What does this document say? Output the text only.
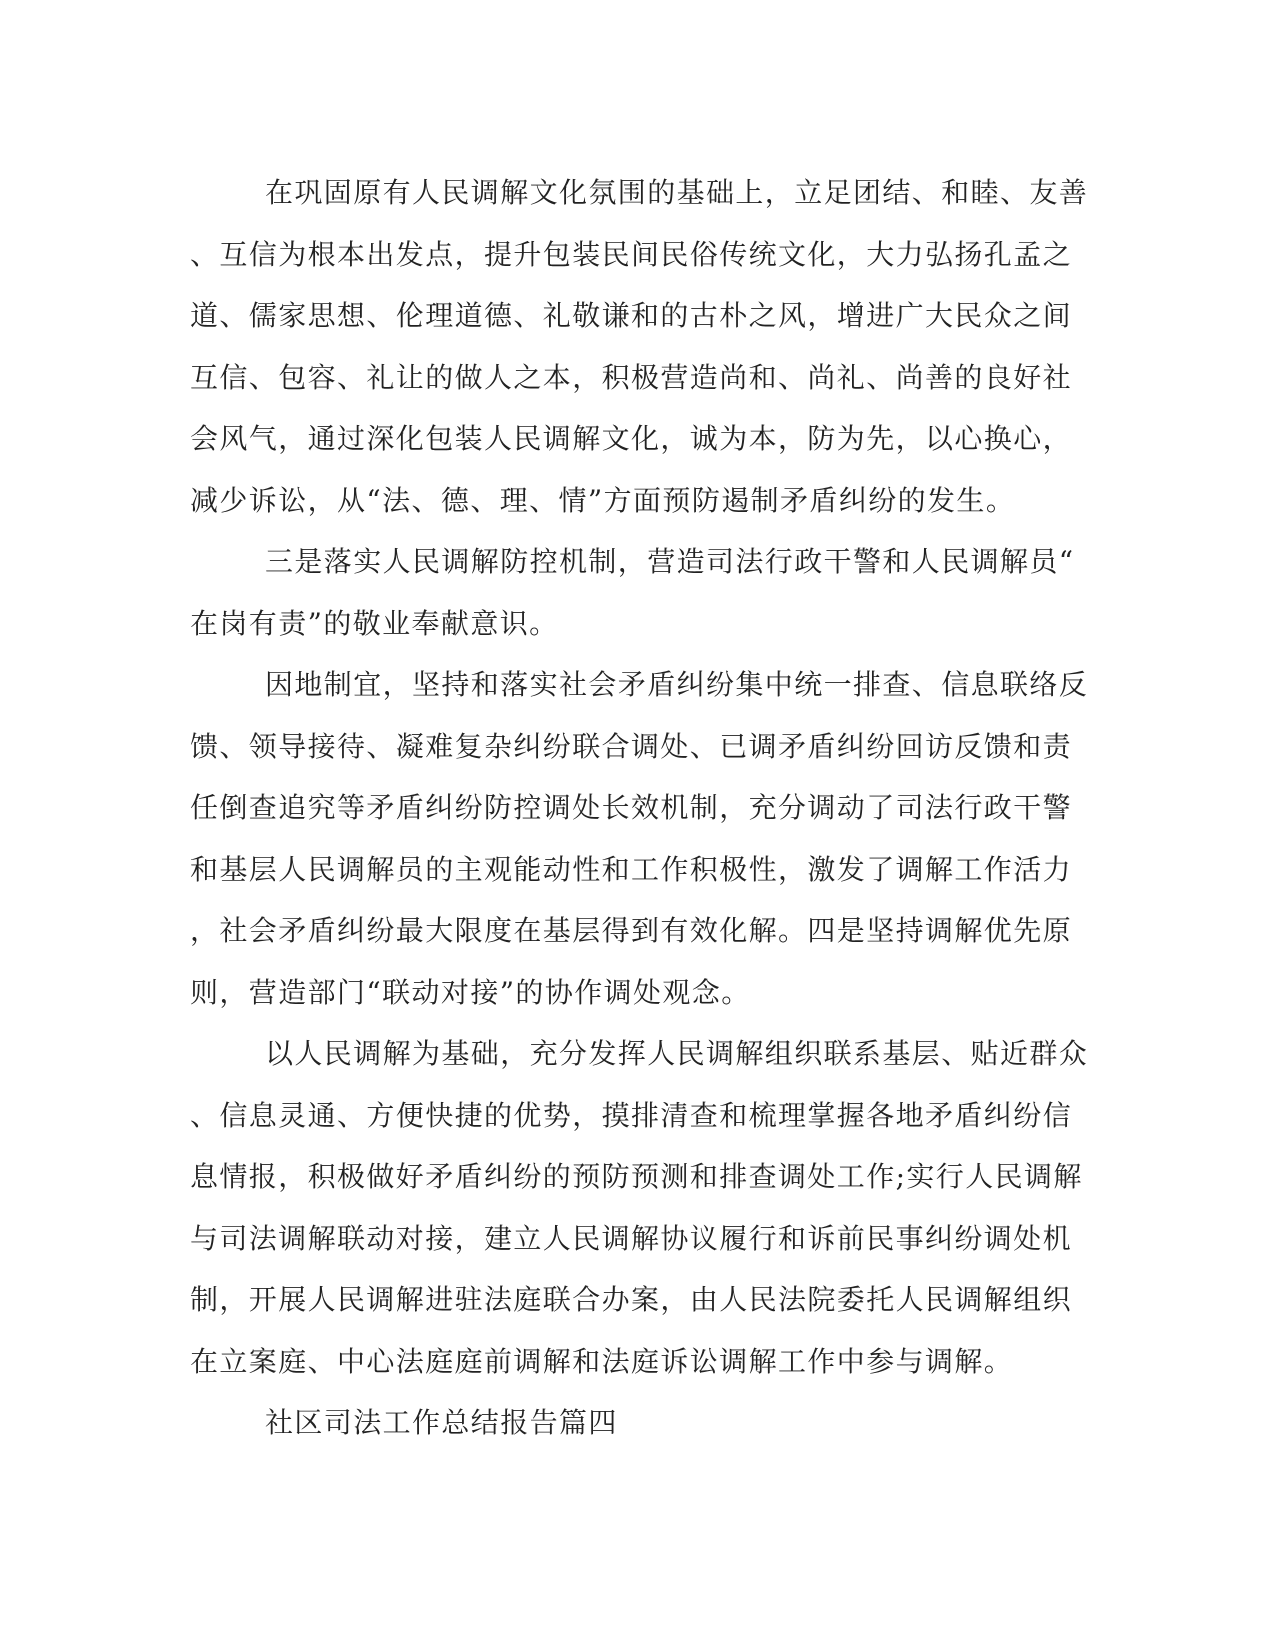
在巩固原有人民调解文化氛围的基础上，立足团结、和睦、友善
、互信为根本出发点，提升包装民间民俗传统文化，大力弘扬孔孟之
道、儒家思想、伦理道德、礼敬谦和的古朴之风，增进广大民众之间
互信、包容、礼让的做人之本，积极营造尚和、尚礼、尚善的良好社
会风气，通过深化包装人民调解文化，诚为本，防为先，以心换心，
减少诉讼，从“法、德、理、情”方面预防遏制矛盾纠纷的发生。
三是落实人民调解防控机制，营造司法行政干警和人民调解员“
在岗有责”的敬业奉献意识。
因地制宜，坚持和落实社会矛盾纠纷集中统一排查、信息联络反
馈、领导接待、凝难复杂纠纷联合调处、已调矛盾纠纷回访反馈和责
任倒查追究等矛盾纠纷防控调处长效机制，充分调动了司法行政干警
和基层人民调解员的主观能动性和工作积极性，激发了调解工作活力
，社会矛盾纠纷最大限度在基层得到有效化解。四是坚持调解优先原
则，营造部门“联动对接”的协作调处观念。
以人民调解为基础，充分发挥人民调解组织联系基层、贴近群众
、信息灵通、方便快捷的优势，摸排清查和梳理掌握各地矛盾纠纷信
息情报，积极做好矛盾纠纷的预防预测和排查调处工作;实行人民调解
与司法调解联动对接，建立人民调解协议履行和诉前民事纠纷调处机
制，开展人民调解进驻法庭联合办案，由人民法院委托人民调解组织
在立案庭、中心法庭庭前调解和法庭诉讼调解工作中参与调解。
社区司法工作总结报告篇四
